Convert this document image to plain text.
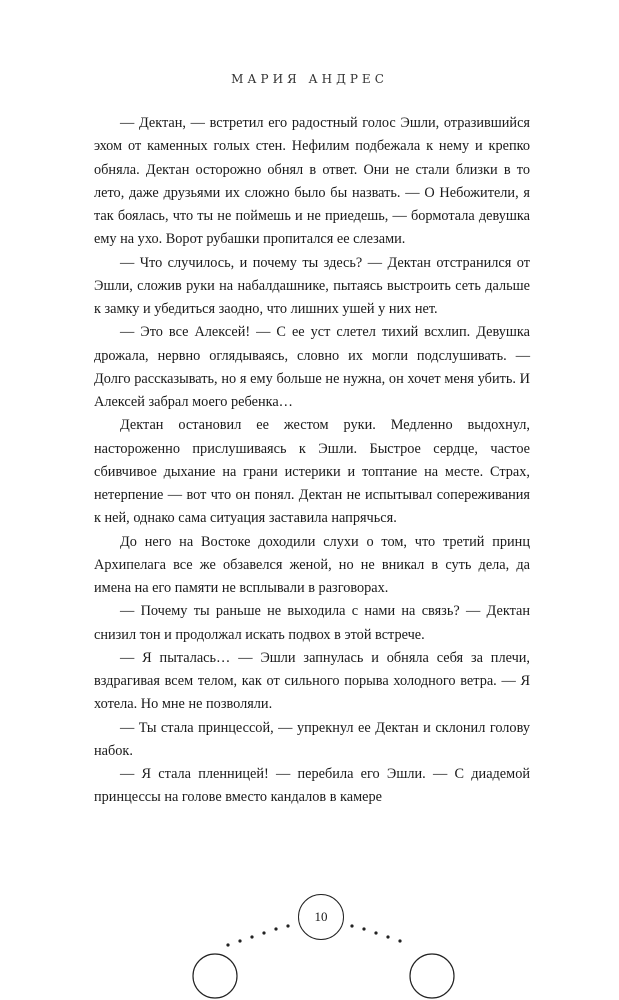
МАРИЯ АНДРЕС

— Дектан, — встретил его радостный голос Эшли, отразившийся эхом от каменных голых стен. Нефилим подбежала к нему и крепко обняла. Дектан осторожно обнял в ответ. Они не стали близки в то лето, даже друзьями их сложно было бы назвать. — О Небожители, я так боялась, что ты не поймешь и не приедешь, — бормотала девушка ему на ухо. Ворот рубашки пропитался ее слезами.

— Что случилось, и почему ты здесь? — Дектан отстранился от Эшли, сложив руки на набалдашнике, пытаясь выстроить сеть дальше к замку и убедиться заодно, что лишних ушей у них нет.

— Это все Алексей! — С ее уст слетел тихий всхлип. Девушка дрожала, нервно оглядываясь, словно их могли подслушивать. — Долго рассказывать, но я ему больше не нужна, он хочет меня убить. И Алексей забрал моего ребенка…

Дектан остановил ее жестом руки. Медленно выдохнул, настороженно прислушиваясь к Эшли. Быстрое сердце, частое сбивчивое дыхание на грани истерики и топтание на месте. Страх, нетерпение — вот что он понял. Дектан не испытывал сопереживания к ней, однако сама ситуация заставила напрячься.

До него на Востоке доходили слухи о том, что третий принц Архипелага все же обзавелся женой, но не вникал в суть дела, да имена на его памяти не всплывали в разговорах.

— Почему ты раньше не выходила с нами на связь? — Дектан снизил тон и продолжал искать подвох в этой встрече.

— Я пыталась… — Эшли запнулась и обняла себя за плечи, вздрагивая всем телом, как от сильного порыва холодного ветра. — Я хотела. Но мне не позволяли.

— Ты стала принцессой, — упрекнул ее Дектан и склонил голову набок.

— Я стала пленницей! — перебила его Эшли. — С диадемой принцессы на голове вместо кандалов в камере

10
